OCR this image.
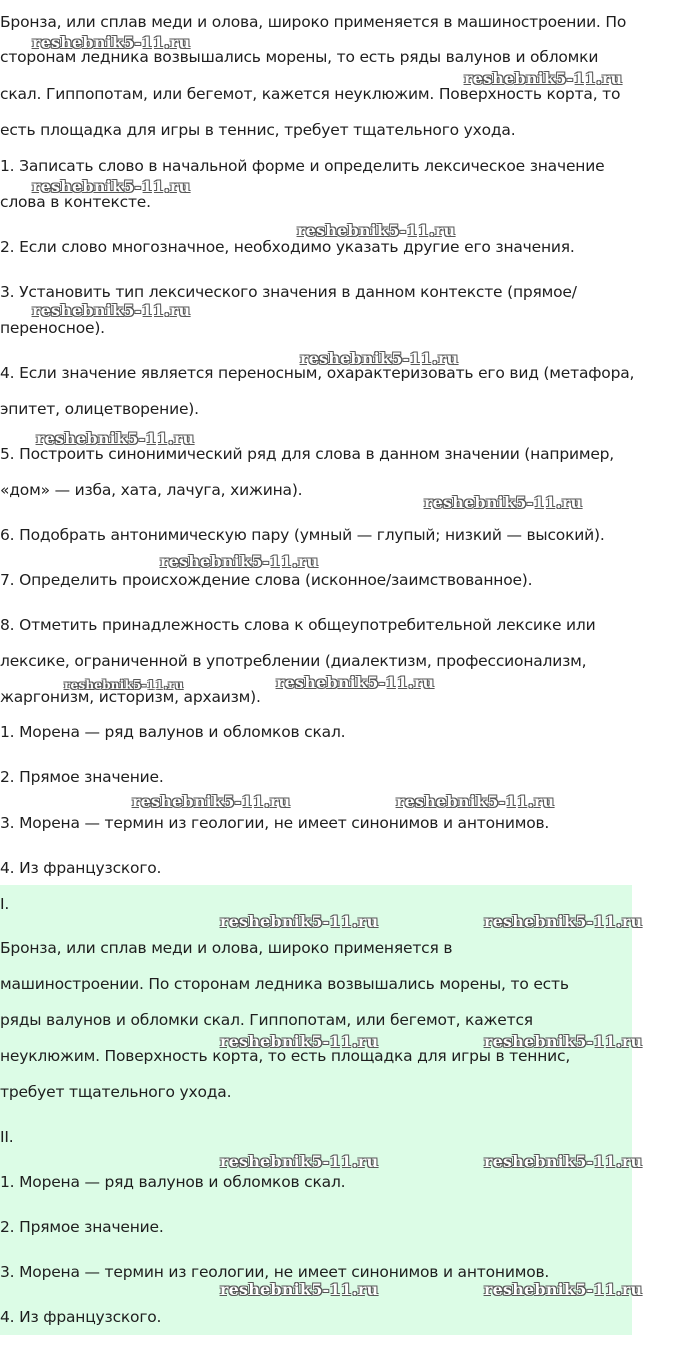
Бронза, или сплав меди и олова, широко применяется в машиностроении. По
сторонам ледника возвышались морены, то есть ряды валунов и обломки
скал. Гиппопотам, или бегемот, кажется неуклюжим. Поверхность корта, то
есть площадка для игры в теннис, требует тщательного ухода.
1. Записать слово в начальной форме и определить лексическое значение
слова в контексте.
2. Если слово многозначное, необходимо указать другие его значения.
3. Установить тип лексического значения в данном контексте (прямое/
переносное).
4. Если значение является переносным, охарактеризовать его вид (метафора,
эпитет, олицетворение).
5. Построить синонимический ряд для слова в данном значении (например,
«дом» — изба, хата, лачуга, хижина).
6. Подобрать антонимическую пару (умный — глупый; низкий — высокий).
7. Определить происхождение слова (исконное/заимствованное).
8. Отметить принадлежность слова к общеупотребительной лексике или
лексике, ограниченной в употреблении (диалектизм, профессионализм,
жаргонизм, историзм, архаизм).
1. Морена — ряд валунов и обломков скал.
2. Прямое значение.
3. Морена — термин из геологии, не имеет синонимов и антонимов.
4. Из французского.
I.
Бронза, или сплав меди и олова, широко применяется в
машиностроении. По сторонам ледника возвышались морены, то есть
ряды валунов и обломки скал. Гиппопотам, или бегемот, кажется
неуклюжим. Поверхность корта, то есть площадка для игры в теннис,
требует тщательного ухода.
II.
1. Морена — ряд валунов и обломков скал.
2. Прямое значение.
3. Морена — термин из геологии, не имеет синонимов и антонимов.
4. Из французского.
reshebnik5-11.ru
reshebnik5-11.ru
reshebnik5-11.ru
reshebnik5-11.ru
reshebnik5-11.ru
reshebnik5-11.ru
reshebnik5-11.ru
reshebnik5-11.ru
reshebnik5-11.ru
reshebnik5-11.ru	reshebnik5-11.ru
reshebnik5-11.ru	reshebnik5-11.ru
reshebnik5-11.ru	reshebnik5-11.ru
reshebnik5-11.ru	reshebnik5-11.ru
reshebnik5-11.ru	reshebnik5-11.ru
reshebnik5-11.ru	reshebnik5-11.ru
